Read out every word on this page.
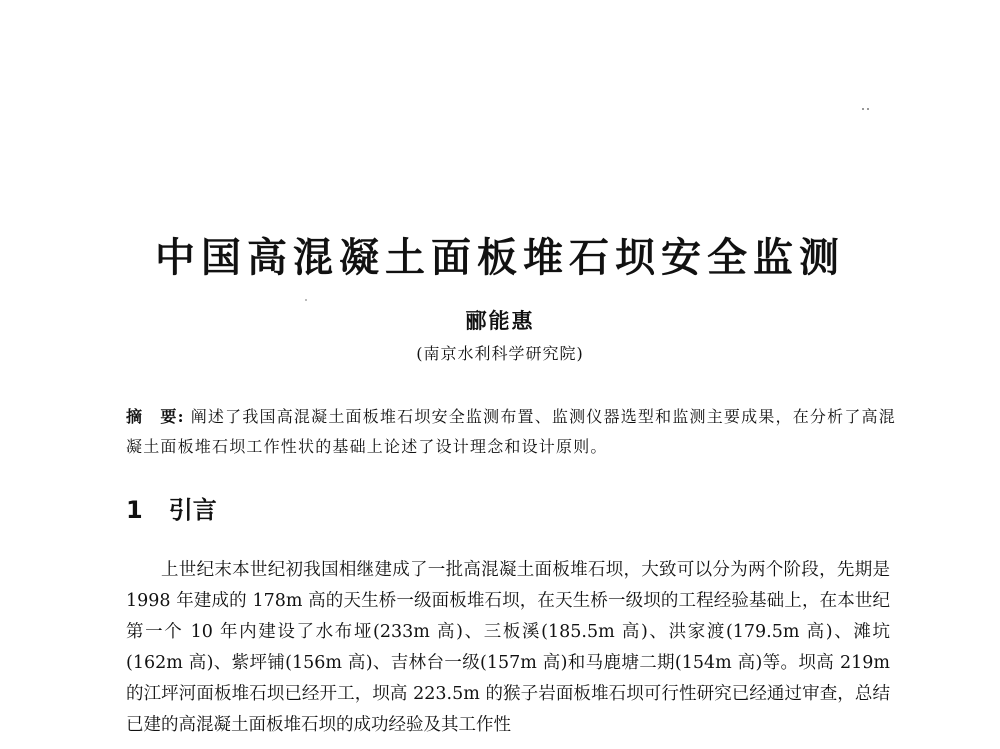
中国高混凝土面板堆石坝安全监测
郦能惠
(南京水利科学研究院)

摘　要: 阐述了我国高混凝土面板堆石坝安全监测布置、监测仪器选型和监测主要成果，在分析了高混凝土面板堆石坝工作性状的基础上论述了设计理念和设计原则。

1 引言

上世纪末本世纪初我国相继建成了一批高混凝土面板堆石坝，大致可以分为两个阶段，先期是 1998 年建成的 178m 高的天生桥一级面板堆石坝，在天生桥一级坝的工程经验基础上，在本世纪第一个 10 年内建设了水布垭(233m 高)、三板溪(185.5m 高)、洪家渡(179.5m 高)、滩坑(162m 高)、紫坪铺(156m 高)、吉林台一级(157m 高)和马鹿塘二期(154m 高)等。坝高 219m 的江坪河面板堆石坝已经开工，坝高 223.5m 的猴子岩面板堆石坝可行性研究已经通过审查，总结已建的高混凝土面板堆石坝的成功经验及其工作性
